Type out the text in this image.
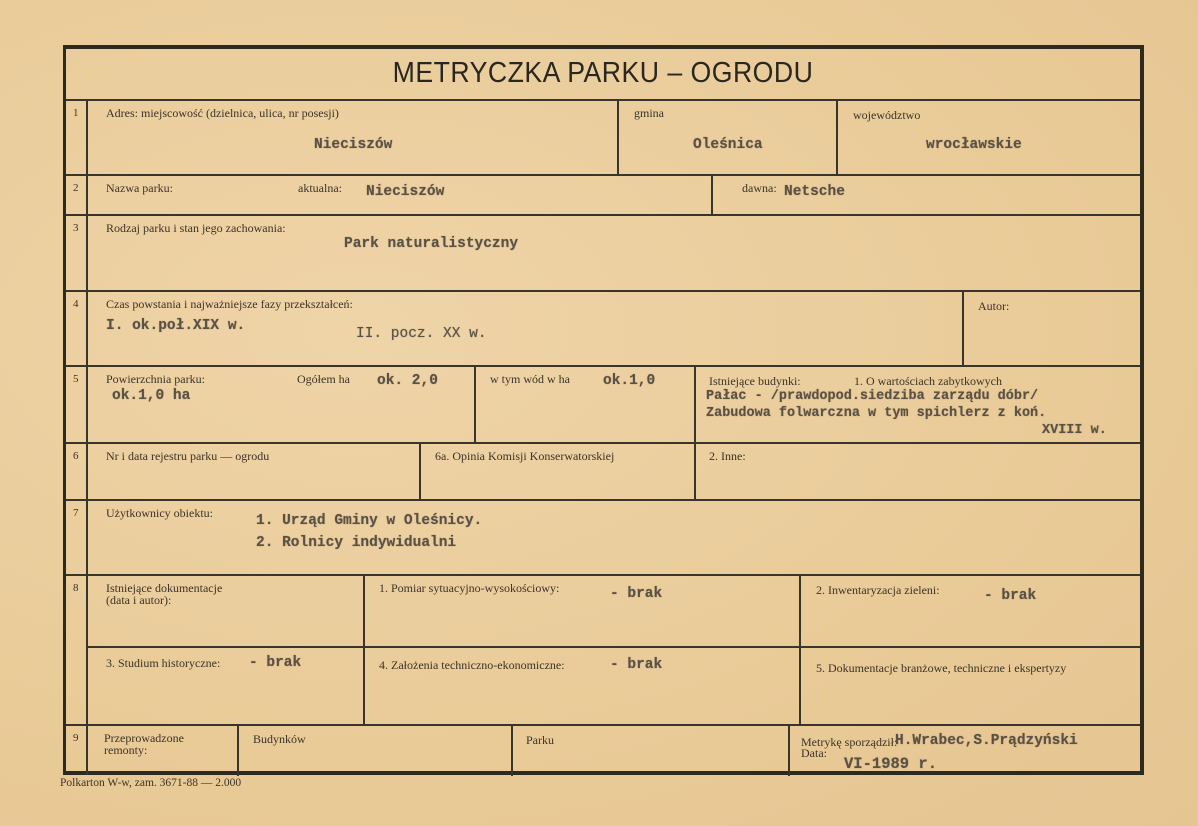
METRYCZKA PARKU – OGRODU
1 Adres: miejscowość (dzielnica, ulica, nr posesji)
Nieciszów
gmina
Oleśnica
województwo
wrocławskie
2 Nazwa parku:	aktualna: Nieciszów	dawna: Netsche
3 Rodzaj parku i stan jego zachowania:
Park naturalistyczny
4 Czas powstania i najważniejsze fazy przekształceń:
I. ok.poł.XIX w.	II. pocz. XX w.
Autor:
5 Powierzchnia parku:
ok.1,0 ha
Ogółem ha ok. 2,0	w tym wód w ha ok.1,0	Istniejące budynki:	1. O wartościach zabytkowych
Pałac - /prawdopod.siedziba zarządu dóbr/
Zabudowa folwarczna w tym spichlerz z koń.
XVIII w.
6 Nr i data rejestru parku — ogrodu	6a. Opinia Komisji Konserwatorskiej	2. Inne:
7 Użytkownicy obiektu:	1. Urząd Gminy w Oleśnicy.
2. Rolnicy indywidualni
8 Istniejące dokumentacje
(data i autor):
1. Pomiar sytuacyjno-wysokościowy:	- brak	2. Inwentaryzacja zieleni:	- brak
3. Studium historyczne: - brak	4. Założenia techniczno-ekonomiczne:	- brak	5. Dokumentacje branżowe, techniczne i ekspertyzy
9 Przeprowadzone
remonty:
Budynków	Parku	Metrykę sporządził:
H.Wrabec,S.Prądzyński
Data:
VI-1989 r.
Polkarton W-w, zam. 3671-88 — 2.000
